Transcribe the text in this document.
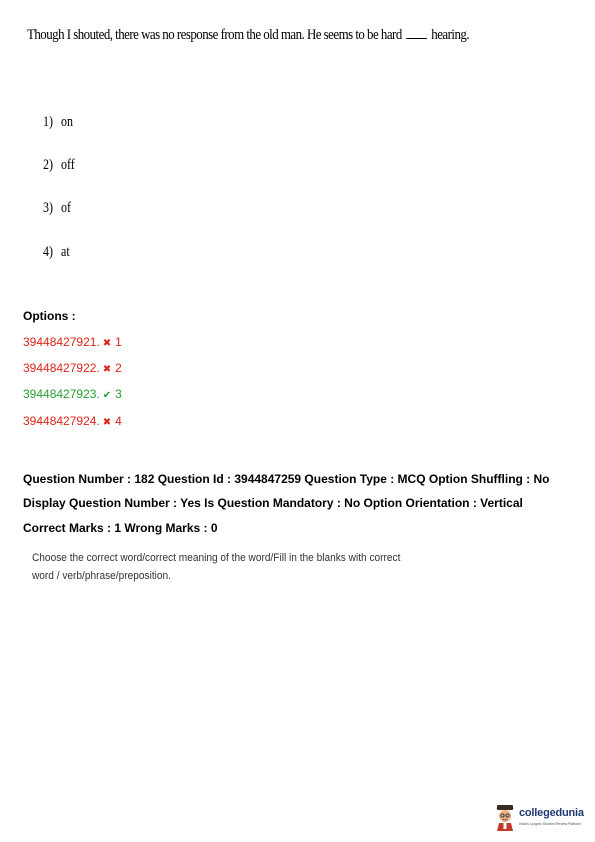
Though I shouted, there was no response from the old man. He seems to be hard hearing.
1) on
2) off
3) of
4) at
Options :
39448427921. ✖ 1
39448427922. ✖ 2
39448427923. ✔ 3
39448427924. ✖ 4
Question Number : 182 Question Id : 3944847259 Question Type : MCQ Option Shuffling : No
Display Question Number : Yes Is Question Mandatory : No Option Orientation : Vertical
Correct Marks : 1 Wrong Marks : 0
Choose the correct word/correct meaning of the word/Fill in the blanks with correct word / verb/phrase/preposition.
collegedunia
India's Largest Student Review Platform
